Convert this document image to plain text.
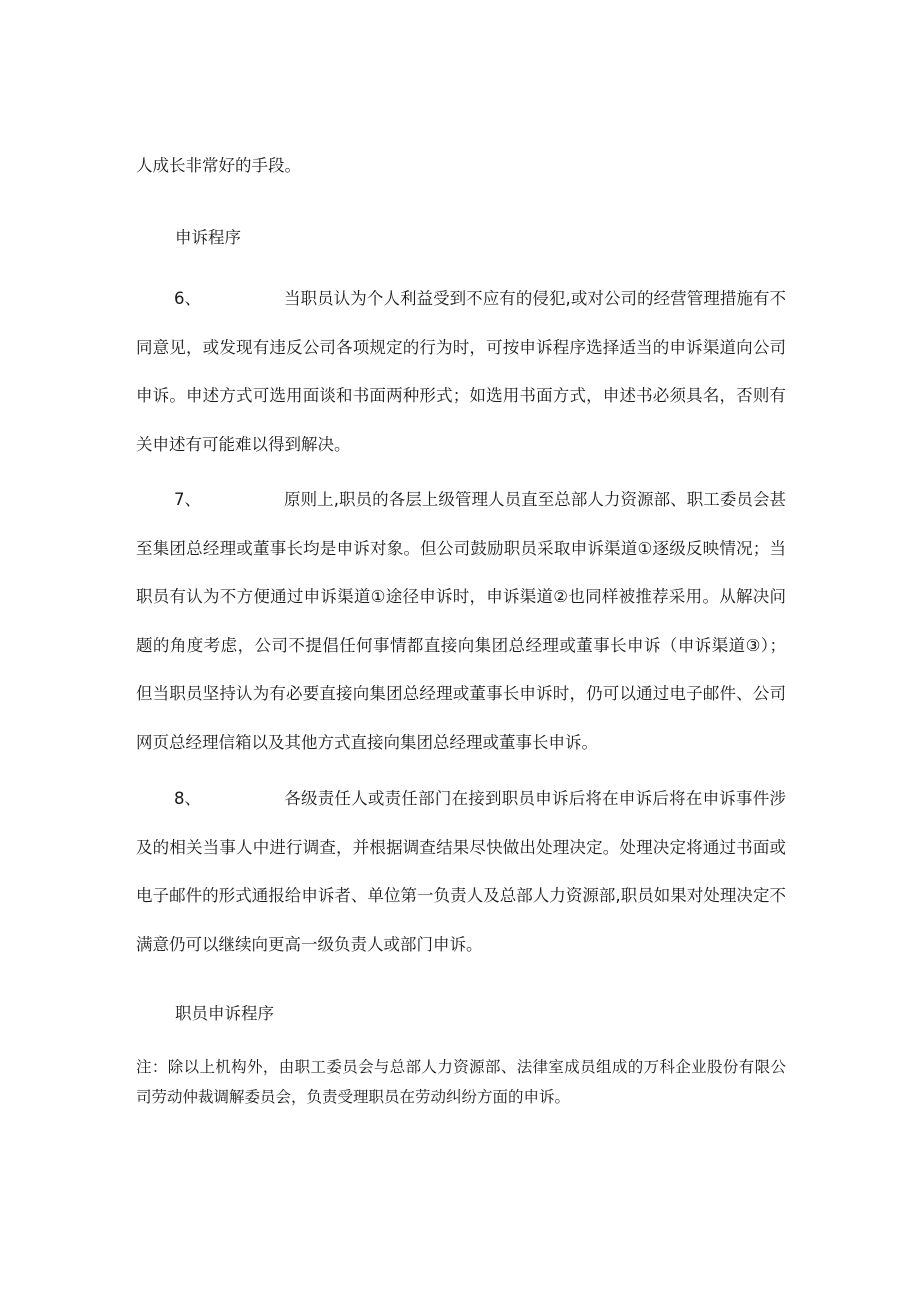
人成长非常好的手段。

申诉程序

6、	当职员认为个人利益受到不应有的侵犯,或对公司的经营管理措施有不同意见，或发现有违反公司各项规定的行为时，可按申诉程序选择适当的申诉渠道向公司申诉。申述方式可选用面谈和书面两种形式；如选用书面方式，申述书必须具名，否则有关申述有可能难以得到解决。

7、	原则上,职员的各层上级管理人员直至总部人力资源部、职工委员会甚至集团总经理或董事长均是申诉对象。但公司鼓励职员采取申诉渠道①逐级反映情况；当职员有认为不方便通过申诉渠道①途径申诉时，申诉渠道②也同样被推荐采用。从解决问题的角度考虑，公司不提倡任何事情都直接向集团总经理或董事长申诉（申诉渠道③）；但当职员坚持认为有必要直接向集团总经理或董事长申诉时，仍可以通过电子邮件、公司网页总经理信箱以及其他方式直接向集团总经理或董事长申诉。

8、	各级责任人或责任部门在接到职员申诉后将在申诉后将在申诉事件涉及的相关当事人中进行调查，并根据调查结果尽快做出处理决定。处理决定将通过书面或电子邮件的形式通报给申诉者、单位第一负责人及总部人力资源部,职员如果对处理决定不满意仍可以继续向更高一级负责人或部门申诉。

职员申诉程序

注：除以上机构外，由职工委员会与总部人力资源部、法律室成员组成的万科企业股份有限公司劳动仲裁调解委员会，负责受理职员在劳动纠纷方面的申诉。
